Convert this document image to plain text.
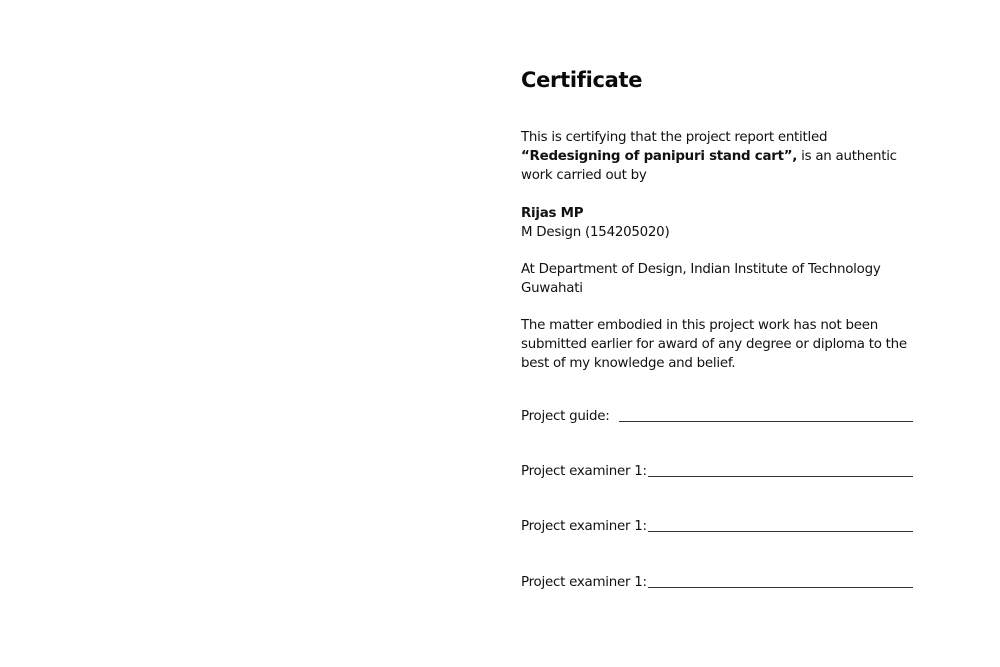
Certificate

This is certifying that the project report entitled “Redesigning of panipuri stand cart”, is an authentic work carried out by

Rijas MP
M Design (154205020)

At Department of Design, Indian Institute of Technology Guwahati

The matter embodied in this project work has not been submitted earlier for award of any degree or diploma to the best of my knowledge and belief.

Project guide:
Project examiner 1:
Project examiner 1:
Project examiner 1:
